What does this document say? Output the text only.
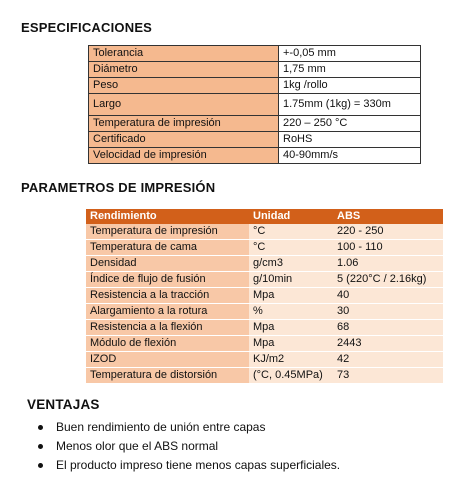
ESPECIFICACIONES
Tolerancia	+-0,05 mm
Diámetro	1,75 mm
Peso	1kg /rollo
Largo	1.75mm (1kg) = 330m
Temperatura de impresión	220 – 250 °C
Certificado	RoHS
Velocidad de impresión	40-90mm/s
PARAMETROS DE IMPRESIÓN
Rendimiento	Unidad	ABS
Temperatura de impresión	°C	220 - 250
Temperatura de cama	°C	100 - 110
Densidad	g/cm3	1.06
Índice de flujo de fusión	g/10min	5 (220°C / 2.16kg)
Resistencia a la tracción	Mpa	40
Alargamiento a la rotura	%	30
Resistencia a la flexión	Mpa	68
Módulo de flexión	Mpa	2443
IZOD	KJ/m2	42
Temperatura de distorsión	(°C, 0.45MPa)	73
VENTAJAS
Buen rendimiento de unión entre capas
Menos olor que el ABS normal
El producto impreso tiene menos capas superficiales.
